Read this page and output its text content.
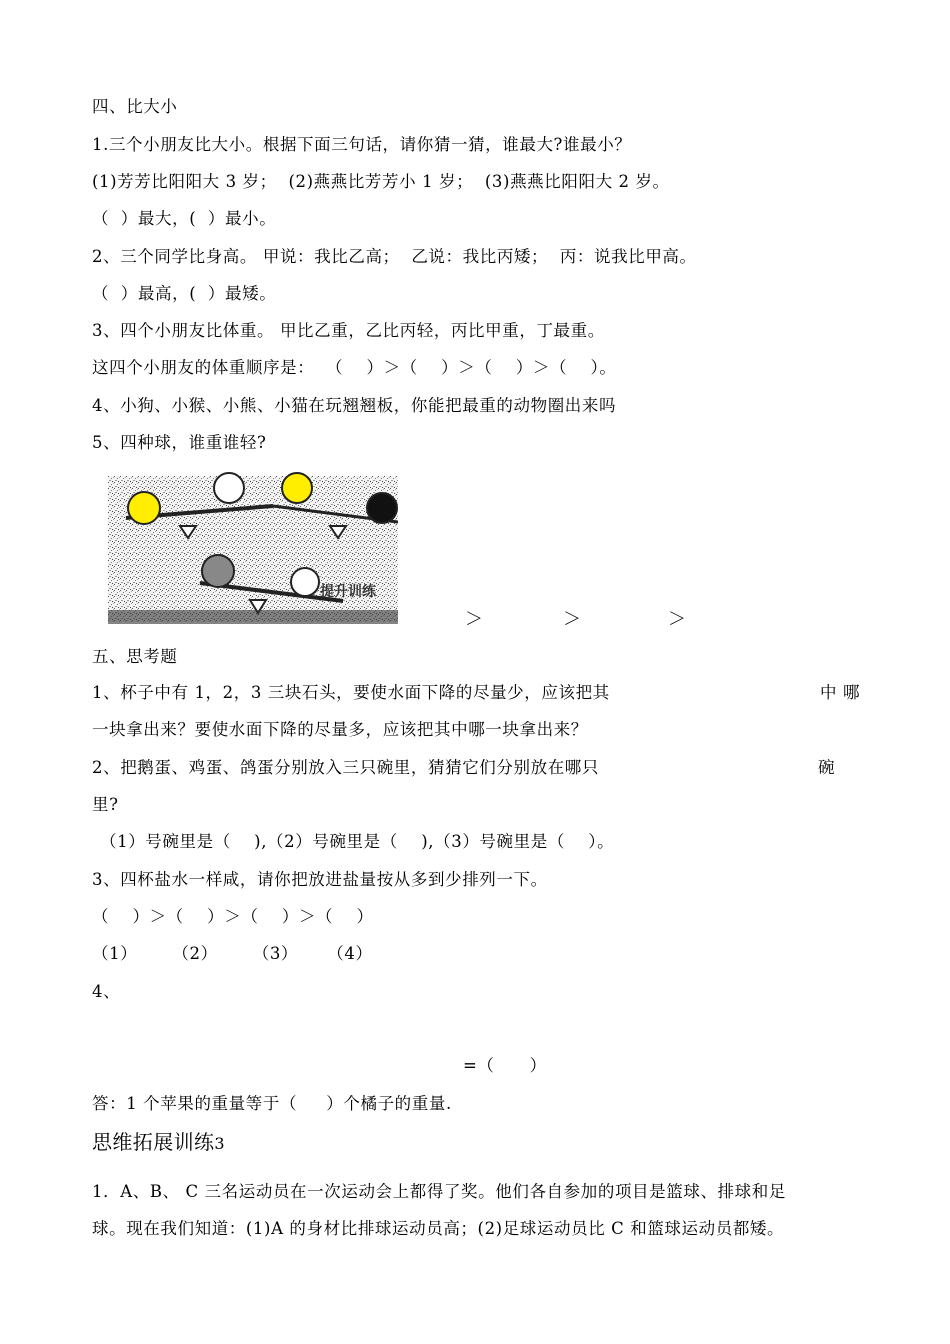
四、比大小
1.三个小朋友比大小。根据下面三句话，请你猜一猜，谁最大?谁最小？
(1)芳芳比阳阳大 3 岁；  (2)燕燕比芳芳小 1 岁；  (3)燕燕比阳阳大 2 岁。
（  ）最大，(  ）最小。
2、三个同学比身高。 甲说：我比乙高；  乙说：我比丙矮；  丙：说我比甲高。
（  ）最高，(  ）最矮。
3、四个小朋友比体重。 甲比乙重，乙比丙轻，丙比甲重，丁最重。
这四个小朋友的体重顺序是：  （    ）＞（    ）＞（    ）＞（    ）。
4、小狗、小猴、小熊、小猫在玩翘翘板，你能把最重的动物圈出来吗
5、四种球，谁重谁轻?
提升训练
＞	＞	＞
五、思考题
1、杯子中有 1，2，3 三块石头，要使水面下降的尽量少，应该把其	中 哪
一块拿出来？要使水面下降的尽量多，应该把其中哪一块拿出来？
2、把鹅蛋、鸡蛋、鸽蛋分别放入三只碗里，猜猜它们分别放在哪只	碗
里?
（1）号碗里是（    ),（2）号碗里是（    ),（3）号碗里是（    ）。
3、四杯盐水一样咸，请你把放进盐量按从多到少排列一下。
（    ）＞（    ）＞（    ）＞（    ）
（1）      （2）      （3）     （4）
4、
=（      ）
答：1 个苹果的重量等于（     ）个橘子的重量.
思维拓展训练3
1．A、B、 C 三名运动员在一次运动会上都得了奖。他们各自参加的项目是篮球、排球和足
球。现在我们知道：(1)A 的身材比排球运动员高；(2)足球运动员比 C 和篮球运动员都矮。
